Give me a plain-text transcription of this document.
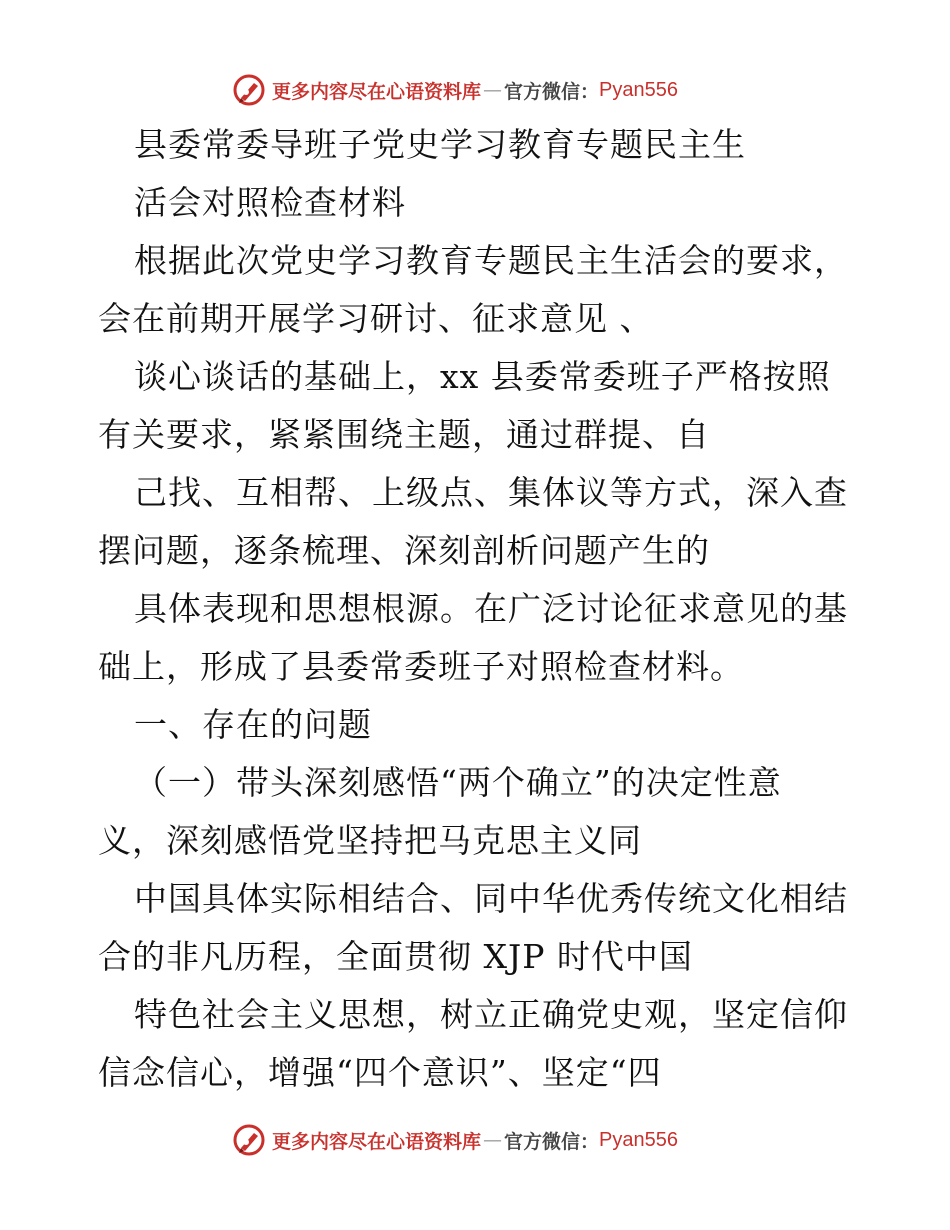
更多内容尽在心语资料库 — 官方微信： Pyan556
县委常委导班子党史学习教育专题民主生
活会对照检查材料
根据此次党史学习教育专题民主生活会的要求，
会在前期开展学习研讨、征求意见 、
谈心谈话的基础上，xx 县委常委班子严格按照
有关要求，紧紧围绕主题，通过群提、自
己找、互相帮、上级点、集体议等方式，深入查
摆问题，逐条梳理、深刻剖析问题产生的
具体表现和思想根源。在广泛讨论征求意见的基
础上，形成了县委常委班子对照检查材料。
一、存在的问题
（一）带头深刻感悟“两个确立”的决定性意
义，深刻感悟党坚持把马克思主义同
中国具体实际相结合、同中华优秀传统文化相结
合的非凡历程，全面贯彻 XJP 时代中国
特色社会主义思想，树立正确党史观，坚定信仰
信念信心，增强“四个意识”、坚定“四
更多内容尽在心语资料库 — 官方微信： Pyan556
